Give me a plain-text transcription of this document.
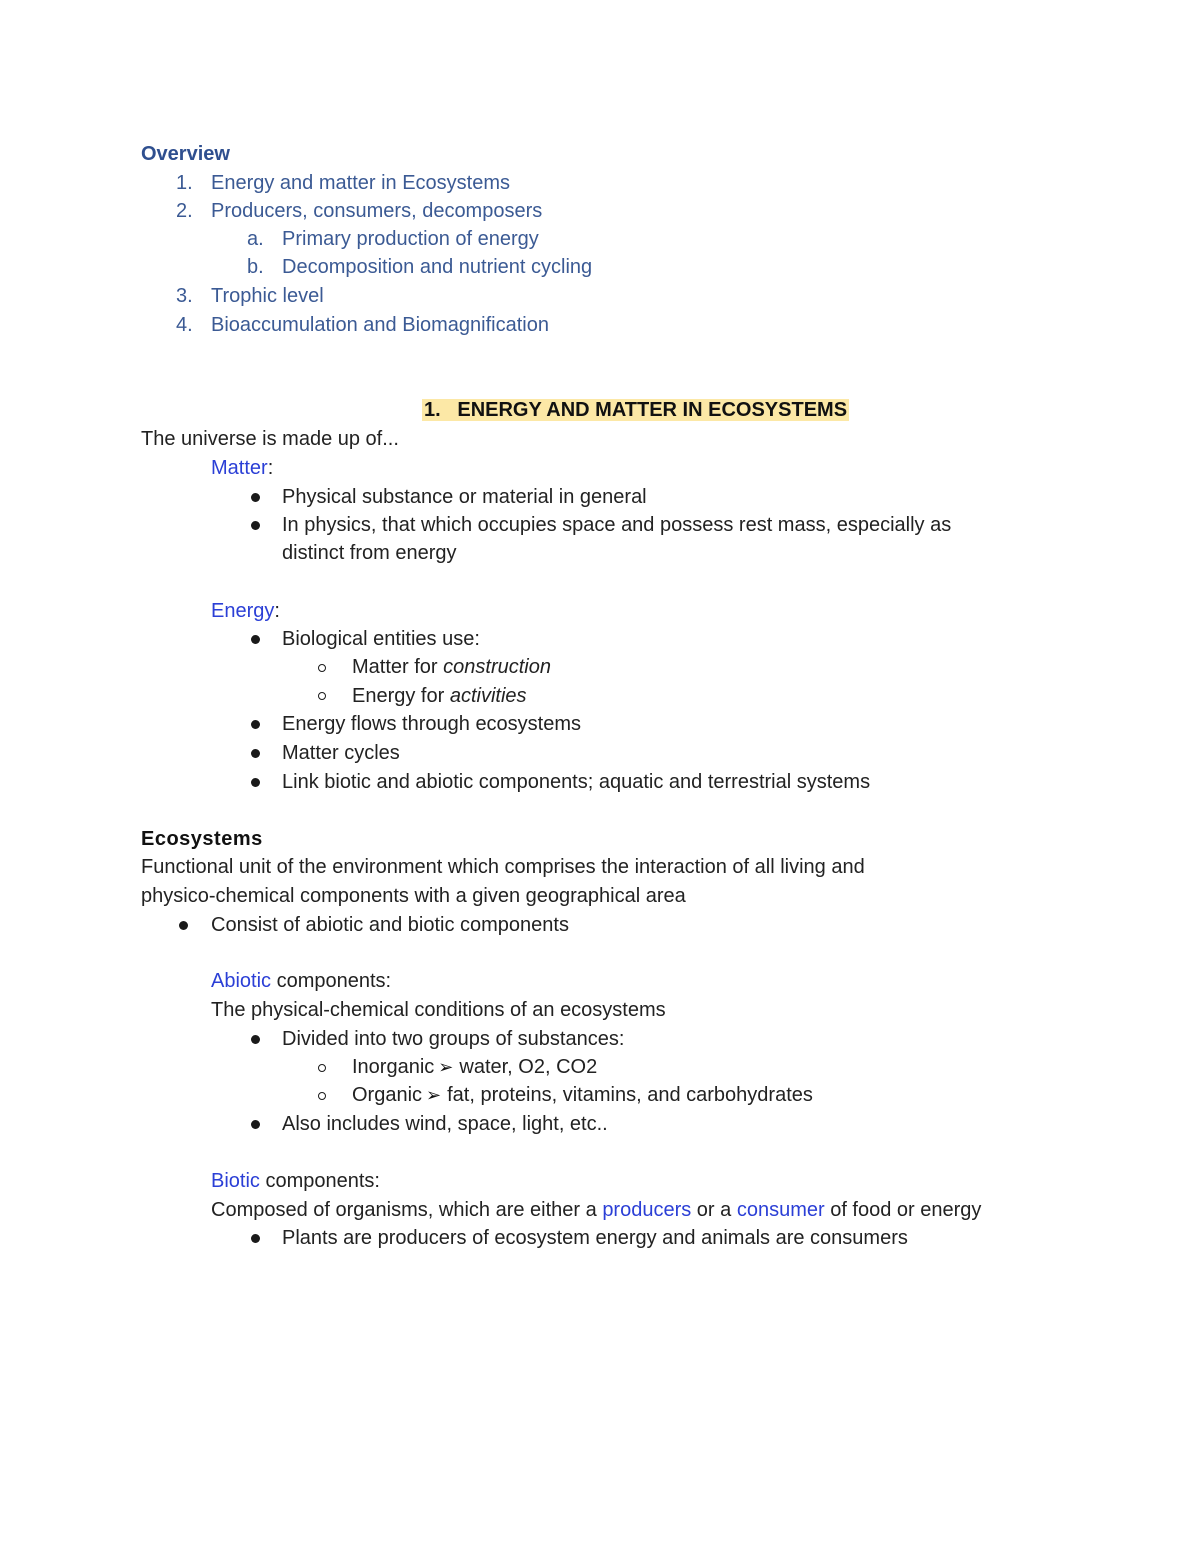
Overview
1. Energy and matter in Ecosystems
2. Producers, consumers, decomposers
a. Primary production of energy
b. Decomposition and nutrient cycling
3. Trophic level
4. Bioaccumulation and Biomagnification
1. ENERGY AND MATTER IN ECOSYSTEMS
The universe is made up of...
Matter:
Physical substance or material in general
In physics, that which occupies space and possess rest mass, especially as
distinct from energy
Energy:
Biological entities use:
Matter for construction
Energy for activities
Energy flows through ecosystems
Matter cycles
Link biotic and abiotic components; aquatic and terrestrial systems
Ecosystems
Functional unit of the environment which comprises the interaction of all living and
physico-chemical components with a given geographical area
Consist of abiotic and biotic components
Abiotic components:
The physical-chemical conditions of an ecosystems
Divided into two groups of substances:
Inorganic ➢ water, O2, CO2
Organic ➢ fat, proteins, vitamins, and carbohydrates
Also includes wind, space, light, etc..
Biotic components:
Composed of organisms, which are either a producers or a consumer of food or energy
Plants are producers of ecosystem energy and animals are consumers
